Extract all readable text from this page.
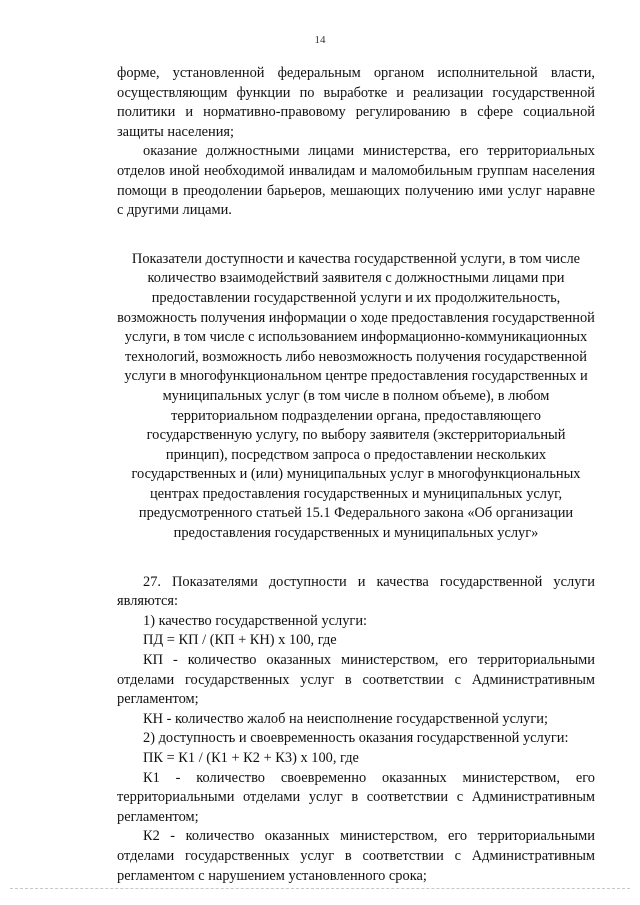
14

форме, установленной федеральным органом исполнительной власти, осуществляющим функции по выработке и реализации государственной политики и нормативно-правовому регулированию в сфере социальной защиты населения;

оказание должностными лицами министерства, его территориальных отделов иной необходимой инвалидам и маломобильным группам населения помощи в преодолении барьеров, мешающих получению ими услуг наравне с другими лицами.

Показатели доступности и качества государственной услуги, в том числе
количество взаимодействий заявителя с должностными лицами при
предоставлении государственной услуги и их продолжительность,
возможность получения информации о ходе предоставления государственной
услуги, в том числе с использованием информационно-коммуникационных
технологий, возможность либо невозможность получения государственной
услуги в многофункциональном центре предоставления государственных и
муниципальных услуг (в том числе в полном объеме), в любом
территориальном подразделении органа, предоставляющего
государственную услугу, по выбору заявителя (экстерриториальный
принцип), посредством запроса о предоставлении нескольких
государственных и (или) муниципальных услуг в многофункциональных
центрах предоставления государственных и муниципальных услуг,
предусмотренного статьей 15.1 Федерального закона «Об организации
предоставления государственных и муниципальных услуг»

27. Показателями доступности и качества государственной услуги являются:

1) качество государственной услуги:

ПД = КП / (КП + КН) х 100, где

КП - количество оказанных министерством, его территориальными отделами государственных услуг в соответствии с Административным регламентом;

КН - количество жалоб на неисполнение государственной услуги;

2) доступность и своевременность оказания государственной услуги:

ПК = К1 / (К1 + К2 + К3) х 100, где

К1 - количество своевременно оказанных министерством, его территориальными отделами услуг в соответствии с Административным регламентом;

К2 - количество оказанных министерством, его территориальными отделами государственных услуг в соответствии с Административным регламентом с нарушением установленного срока;
